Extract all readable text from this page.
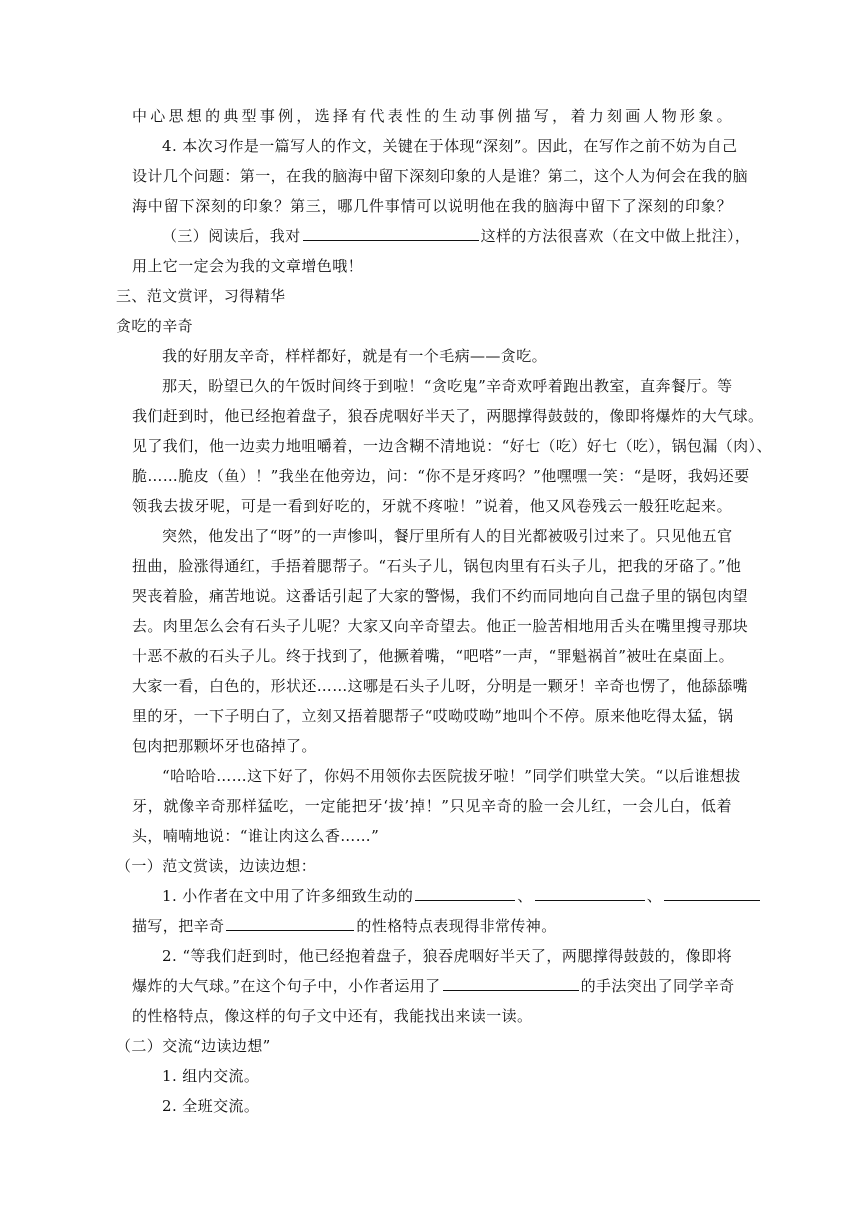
中心思想的典型事例，选择有代表性的生动事例描写，着力刻画人物形象。
4. 本次习作是一篇写人的作文，关键在于体现“深刻”。因此，在写作之前不妨为自己
设计几个问题：第一，在我的脑海中留下深刻印象的人是谁？第二，这个人为何会在我的脑
海中留下深刻的印象？第三，哪几件事情可以说明他在我的脑海中留下了深刻的印象？
（三）阅读后，我对	这样的方法很喜欢（在文中做上批注），
用上它一定会为我的文章增色哦！
三、范文赏评，习得精华
贪吃的辛奇
我的好朋友辛奇，样样都好，就是有一个毛病——贪吃。
那天，盼望已久的午饭时间终于到啦！“贪吃鬼”辛奇欢呼着跑出教室，直奔餐厅。等
我们赶到时，他已经抱着盘子，狼吞虎咽好半天了，两腮撑得鼓鼓的，像即将爆炸的大气球。
见了我们，他一边卖力地咀嚼着，一边含糊不清地说：“好七（吃）好七（吃），锅包漏（肉）、
脆……脆皮（鱼）！”我坐在他旁边，问：“你不是牙疼吗？”他嘿嘿一笑：“是呀，我妈还要
领我去拔牙呢，可是一看到好吃的，牙就不疼啦！”说着，他又风卷残云一般狂吃起来。
突然，他发出了“呀”的一声惨叫，餐厅里所有人的目光都被吸引过来了。只见他五官
扭曲，脸涨得通红，手捂着腮帮子。“石头子儿，锅包肉里有石头子儿，把我的牙硌了。”他
哭丧着脸，痛苦地说。这番话引起了大家的警惕，我们不约而同地向自己盘子里的锅包肉望
去。肉里怎么会有石头子儿呢？大家又向辛奇望去。他正一脸苦相地用舌头在嘴里搜寻那块
十恶不赦的石头子儿。终于找到了，他撅着嘴，“吧嗒”一声，“罪魁祸首”被吐在桌面上。
大家一看，白色的，形状还……这哪是石头子儿呀，分明是一颗牙！辛奇也愣了，他舔舔嘴
里的牙，一下子明白了，立刻又捂着腮帮子“哎呦哎呦”地叫个不停。原来他吃得太猛，锅
包肉把那颗坏牙也硌掉了。
“哈哈哈……这下好了，你妈不用领你去医院拔牙啦！”同学们哄堂大笑。“以后谁想拔
牙，就像辛奇那样猛吃，一定能把牙‘拔’掉！”只见辛奇的脸一会儿红，一会儿白，低着
头，喃喃地说：“谁让肉这么香……”
（一）范文赏读，边读边想：
1. 小作者在文中用了许多细致生动的	、	、
描写，把辛奇	的性格特点表现得非常传神。
2. “等我们赶到时，他已经抱着盘子，狼吞虎咽好半天了，两腮撑得鼓鼓的，像即将
爆炸的大气球。”在这个句子中，小作者运用了	的手法突出了同学辛奇
的性格特点，像这样的句子文中还有，我能找出来读一读。
（二）交流“边读边想”
1. 组内交流。
2. 全班交流。
